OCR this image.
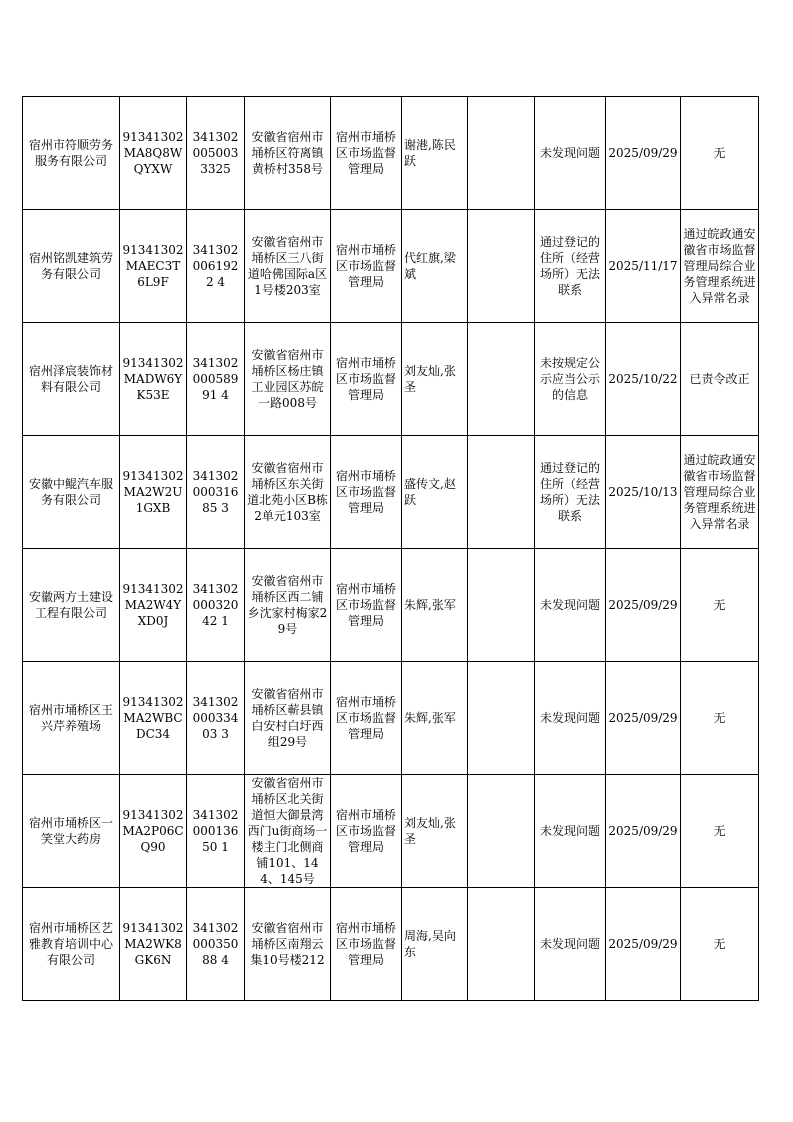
宿州市符顺劳务服务有限公司	91341302MA8Q8WQYXW	3413020050033325	安徽省宿州市埇桥区符离镇黄桥村358号	宿州市埇桥区市场监督管理局	谢港,陈民跃		未发现问题	2025/09/29	无
宿州铭凯建筑劳务有限公司	91341302MAEC3T6L9F	3413020061922 4	安徽省宿州市埇桥区三八街道哈佛国际a区1号楼203室	宿州市埇桥区市场监督管理局	代红旗,梁斌		通过登记的住所（经营场所）无法联系	2025/11/17	通过皖政通安徽省市场监督管理局综合业务管理系统进入异常名录
宿州泽宸装饰材料有限公司	91341302MADW6YK53E	34130200058991 4	安徽省宿州市埇桥区杨庄镇工业园区苏皖一路008号	宿州市埇桥区市场监督管理局	刘友灿,张圣		未按规定公示应当公示的信息	2025/10/22	已责令改正
安徽中鲲汽车服务有限公司	91341302MA2W2U1GXB	34130200031685 3	安徽省宿州市埇桥区东关街道北苑小区B栋2单元103室	宿州市埇桥区市场监督管理局	盛传文,赵跃		通过登记的住所（经营场所）无法联系	2025/10/13	通过皖政通安徽省市场监督管理局综合业务管理系统进入异常名录
安徽两方土建设工程有限公司	91341302MA2W4YXD0J	34130200032042 1	安徽省宿州市埇桥区西二铺乡沈家村梅家29号	宿州市埇桥区市场监督管理局	朱辉,张军		未发现问题	2025/09/29	无
宿州市埇桥区王兴芹养殖场	91341302MA2WBCDC34	34130200033403 3	安徽省宿州市埇桥区蕲县镇白安村白圩西组29号	宿州市埇桥区市场监督管理局	朱辉,张军		未发现问题	2025/09/29	无
宿州市埇桥区一笑堂大药房	91341302MA2P06CQ90	34130200013650 1	安徽省宿州市埇桥区北关街道恒大御景湾西门u街商场一楼主门北侧商铺101、144、145号	宿州市埇桥区市场监督管理局	刘友灿,张圣		未发现问题	2025/09/29	无
宿州市埇桥区艺雅教育培训中心有限公司	91341302MA2WK8GK6N	34130200035088 4	安徽省宿州市埇桥区南翔云集10号楼212	宿州市埇桥区市场监督管理局	周海,吴向东		未发现问题	2025/09/29	无
